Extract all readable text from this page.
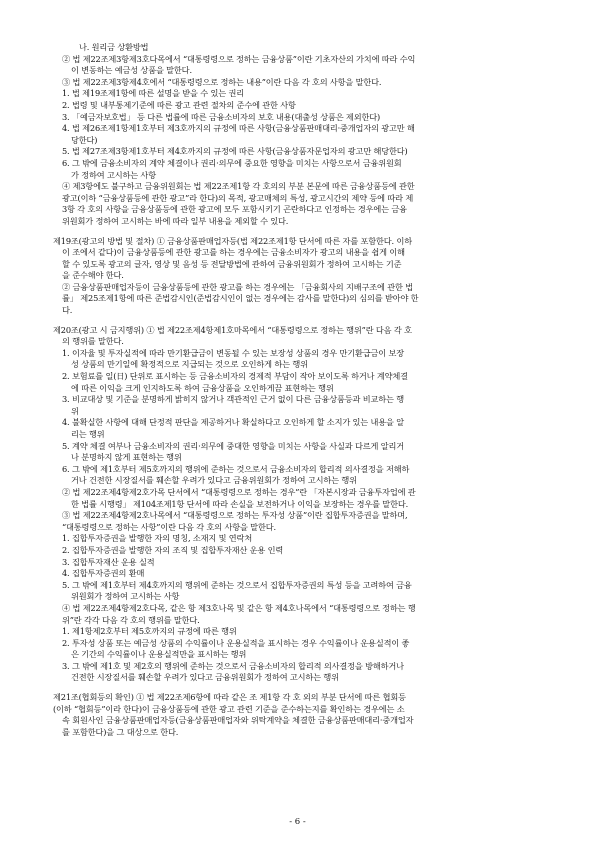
나. 원리금 상환방법
② 법 제22조제3항제3호다목에서 “대통령령으로 정하는 금융상품”이란 기초자산의 가치에 따라 수익
이 변동하는 예금성 상품을 말한다.
③ 법 제22조제3항제4호에서 “대통령령으로 정하는 내용”이란 다음 각 호의 사항을 말한다.
1. 법 제19조제1항에 따른 설명을 받을 수 있는 권리
2. 법령 및 내부통제기준에 따른 광고 관련 절차의 준수에 관한 사항
3. 「예금자보호법」 등 다른 법률에 따른 금융소비자의 보호 내용(대출성 상품은 제외한다)
4. 법 제26조제1항제1호부터 제3호까지의 규정에 따른 사항(금융상품판매대리·중개업자의 광고만 해
당한다)
5. 법 제27조제3항제1호부터 제4호까지의 규정에 따른 사항(금융상품자문업자의 광고만 해당한다)
6. 그 밖에 금융소비자의 계약 체결이나 권리·의무에 중요한 영향을 미치는 사항으로서 금융위원회
가 정하여 고시하는 사항
④ 제3항에도 불구하고 금융위원회는 법 제22조제1항 각 호의의 부분 본문에 따른 금융상품등에 관한
광고(이하 “금융상품등에 관한 광고”라 한다)의 목적, 광고매체의 특성, 광고시간의 제약 등에 따라 제
3항 각 호의 사항을 금융상품등에 관한 광고에 모두 포함시키기 곤란하다고 인정하는 경우에는 금융
위원회가 정하여 고시하는 바에 따라 일부 내용을 제외할 수 있다.
제19조(광고의 방법 및 절차) ① 금융상품판매업자등(법 제22조제1항 단서에 따른 자를 포함한다. 이하
이 조에서 같다)이 금융상품등에 관한 광고를 하는 경우에는 금융소비자가 광고의 내용을 쉽게 이해
할 수 있도록 광고의 글자, 영상 및 음성 등 전달방법에 관하여 금융위원회가 정하여 고시하는 기준
을 준수해야 한다.
② 금융상품판매업자등이 금융상품등에 관한 광고를 하는 경우에는 「금융회사의 지배구조에 관한 법
률」 제25조제1항에 따른 준법감시인(준법감시인이 없는 경우에는 감사를 말한다)의 심의를 받아야 한
다.
제20조(광고 시 금지행위) ① 법 제22조제4항제1호마목에서 “대통령령으로 정하는 행위”란 다음 각 호
의 행위를 말한다.
1. 이자율 및 투자실적에 따라 만기환급금이 변동될 수 있는 보장성 상품의 경우 만기환급금이 보장
성 상품의 만기일에 확정적으로 지급되는 것으로 오인하게 하는 행위
2. 보험료를 일(日) 단위로 표시하는 등 금융소비자의 경제적 부담이 작아 보이도록 하거나 계약체결
에 따른 이익을 크게 인지하도록 하여 금융상품을 오인하게끔 표현하는 행위
3. 비교대상 및 기준을 분명하게 밝히지 않거나 객관적인 근거 없이 다른 금융상품등과 비교하는 행
위
4. 불확실한 사항에 대해 단정적 판단을 제공하거나 확실하다고 오인하게 할 소지가 있는 내용을 알
리는 행위
5. 계약 체결 여부나 금융소비자의 권리·의무에 중대한 영향을 미치는 사항을 사실과 다르게 알리거
나 분명하지 않게 표현하는 행위
6. 그 밖에 제1호부터 제5호까지의 행위에 준하는 것으로서 금융소비자의 합리적 의사결정을 저해하
거나 건전한 시장질서를 훼손할 우려가 있다고 금융위원회가 정하여 고시하는 행위
② 법 제22조제4항제2호가목 단서에서 “대통령령으로 정하는 경우”란 「자본시장과 금융투자업에 관
한 법률 시행령」 제104조제1항 단서에 따라 손실을 보전하거나 이익을 보장하는 경우를 말한다.
③ 법 제22조제4항제2호나목에서 “대통령령으로 정하는 투자성 상품”이란 집합투자증권을 말하며,
“대통령령으로 정하는 사항”이란 다음 각 호의 사항을 말한다.
1. 집합투자증권을 발행한 자의 명칭, 소재지 및 연락처
2. 집합투자증권을 발행한 자의 조직 및 집합투자재산 운용 인력
3. 집합투자재산 운용 실적
4. 집합투자증권의 환매
5. 그 밖에 제1호부터 제4호까지의 행위에 준하는 것으로서 집합투자증권의 특성 등을 고려하여 금융
위원회가 정하여 고시하는 사항
④ 법 제22조제4항제2호다목, 같은 항 제3호나목 및 같은 항 제4호나목에서 “대통령령으로 정하는 행
위”란 각각 다음 각 호의 행위를 말한다.
1. 제1항제2호부터 제5호까지의 규정에 따른 행위
2. 투자성 상품 또는 예금성 상품의 수익률이나 운용실적을 표시하는 경우 수익률이나 운용실적이 좋
은 기간의 수익률이나 운용실적만을 표시하는 행위
3. 그 밖에 제1호 및 제2호의 행위에 준하는 것으로서 금융소비자의 합리적 의사결정을 방해하거나
건전한 시장질서를 훼손할 우려가 있다고 금융위원회가 정하여 고시하는 행위
제21조(협회등의 확인) ① 법 제22조제6항에 따라 같은 조 제1항 각 호 외의 부분 단서에 따른 협회등
(이하 “협회등”이라 한다)이 금융상품등에 관한 광고 관련 기준을 준수하는지를 확인하는 경우에는 소
속 회원사인 금융상품판매업자등(금융상품판매업자와 위탁계약을 체결한 금융상품판매대리·중개업자
를 포함한다)을 그 대상으로 한다.
- 6 -
